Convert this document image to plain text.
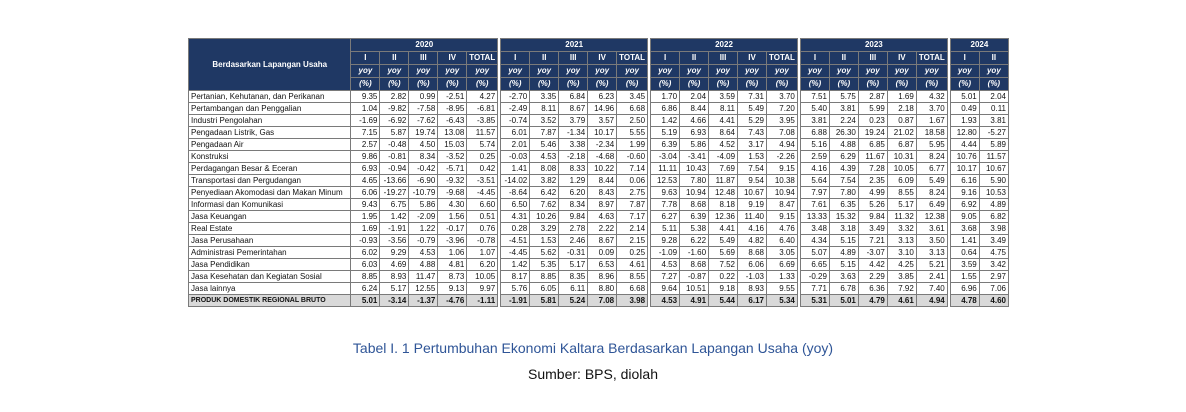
Berdasarkan Lapangan Usaha	2020						2021						2022						2023						2024	
	I	II	III	IV	TOTAL		I	II	III	IV	TOTAL		I	II	III	IV	TOTAL		I	II	III	IV	TOTAL		I	II
	yoy	yoy	yoy	yoy	yoy		yoy	yoy	yoy	yoy	yoy		yoy	yoy	yoy	yoy	yoy		yoy	yoy	yoy	yoy	yoy		yoy	yoy
	(%)	(%)	(%)	(%)	(%)		(%)	(%)	(%)	(%)	(%)		(%)	(%)	(%)	(%)	(%)		(%)	(%)	(%)	(%)	(%)		(%)	(%)
Pertanian, Kehutanan, dan Perikanan	9.35	2.82	0.99	-2.51	4.27		-2.70	3.35	6.84	6.23	3.45		1.70	2.04	3.59	7.31	3.70		7.51	5.75	2.87	1.69	4.32		5.01	2.04
Pertambangan dan Penggalian	1.04	-9.82	-7.58	-8.95	-6.81		-2.49	8.11	8.67	14.96	6.68		6.86	8.44	8.11	5.49	7.20		5.40	3.81	5.99	2.18	3.70		0.49	0.11
Industri Pengolahan	-1.69	-6.92	-7.62	-6.43	-3.85		-0.74	3.52	3.79	3.57	2.50		1.42	4.66	4.41	5.29	3.95		3.81	2.24	0.23	0.87	1.67		1.93	3.81
Pengadaan Listrik, Gas	7.15	5.87	19.74	13.08	11.57		6.01	7.87	-1.34	10.17	5.55		5.19	6.93	8.64	7.43	7.08		6.88	26.30	19.24	21.02	18.58		12.80	-5.27
Pengadaan Air	2.57	-0.48	4.50	15.03	5.74		2.01	5.46	3.38	-2.34	1.99		6.39	5.86	4.52	3.17	4.94		5.16	4.88	6.85	6.87	5.95		4.44	5.89
Konstruksi	9.86	-0.81	8.34	-3.52	0.25		-0.03	4.53	-2.18	-4.68	-0.60		-3.04	-3.41	-4.09	1.53	-2.26		2.59	6.29	11.67	10.31	8.24		10.76	11.57
Perdagangan Besar & Eceran	6.93	-0.94	-0.42	-5.71	0.42		1.41	8.08	8.33	10.22	7.14		11.11	10.43	7.69	7.54	9.15		4.16	4.39	7.28	10.05	6.77		10.17	10.67
Transportasi dan Pergudangan	4.65	-13.66	-6.90	-9.32	-3.51		-14.02	3.82	1.29	8.44	0.06		12.53	7.80	11.87	9.54	10.38		5.64	7.54	2.35	6.09	5.49		6.16	5.90
Penyediaan Akomodasi dan Makan Minum	6.06	-19.27	-10.79	-9.68	-4.45		-8.64	6.42	6.20	8.43	2.75		9.63	10.94	12.48	10.67	10.94		7.97	7.80	4.99	8.55	8.24		9.16	10.53
Informasi dan Komunikasi	9.43	6.75	5.86	4.30	6.60		6.50	7.62	8.34	8.97	7.87		7.78	8.68	8.18	9.19	8.47		7.61	6.35	5.26	5.17	6.49		6.92	4.89
Jasa Keuangan	1.95	1.42	-2.09	1.56	0.51		4.31	10.26	9.84	4.63	7.17		6.27	6.39	12.36	11.40	9.15		13.33	15.32	9.84	11.32	12.38		9.05	6.82
Real Estate	1.69	-1.91	1.22	-0.17	0.76		0.28	3.29	2.78	2.22	2.14		5.11	5.38	4.41	4.16	4.76		3.48	3.18	3.49	3.32	3.61		3.68	3.98
Jasa Perusahaan	-0.93	-3.56	-0.79	-3.96	-0.78		-4.51	1.53	2.46	8.67	2.15		9.28	6.22	5.49	4.82	6.40		4.34	5.15	7.21	3.13	3.50		1.41	3.49
Administrasi Pemerintahan	6.02	9.29	4.53	1.06	1.07		-4.45	5.62	-0.31	0.09	0.25		-1.09	-1.60	5.69	8.68	3.05		5.07	4.89	-3.07	3.10	3.13		0.64	4.75
Jasa Pendidikan	6.03	4.69	4.88	4.81	6.20		1.42	5.35	5.17	6.53	4.61		4.53	8.68	7.52	6.06	6.69		6.65	5.15	4.42	4.25	5.21		3.59	3.42
Jasa Kesehatan dan Kegiatan Sosial	8.85	8.93	11.47	8.73	10.05		8.17	8.85	8.35	8.96	8.55		7.27	-0.87	0.22	-1.03	1.33		-0.29	3.63	2.29	3.85	2.41		1.55	2.97
Jasa lainnya	6.24	5.17	12.55	9.13	9.97		5.76	6.05	6.11	8.80	6.68		9.64	10.51	9.18	8.93	9.55		7.71	6.78	6.36	7.92	7.40		6.96	7.06
PRODUK DOMESTIK REGIONAL BRUTO	5.01	-3.14	-1.37	-4.76	-1.11		-1.91	5.81	5.24	7.08	3.98		4.53	4.91	5.44	6.17	5.34		5.31	5.01	4.79	4.61	4.94		4.78	4.60
Tabel I. 1 Pertumbuhan Ekonomi Kaltara Berdasarkan Lapangan Usaha (yoy)
Sumber: BPS, diolah
